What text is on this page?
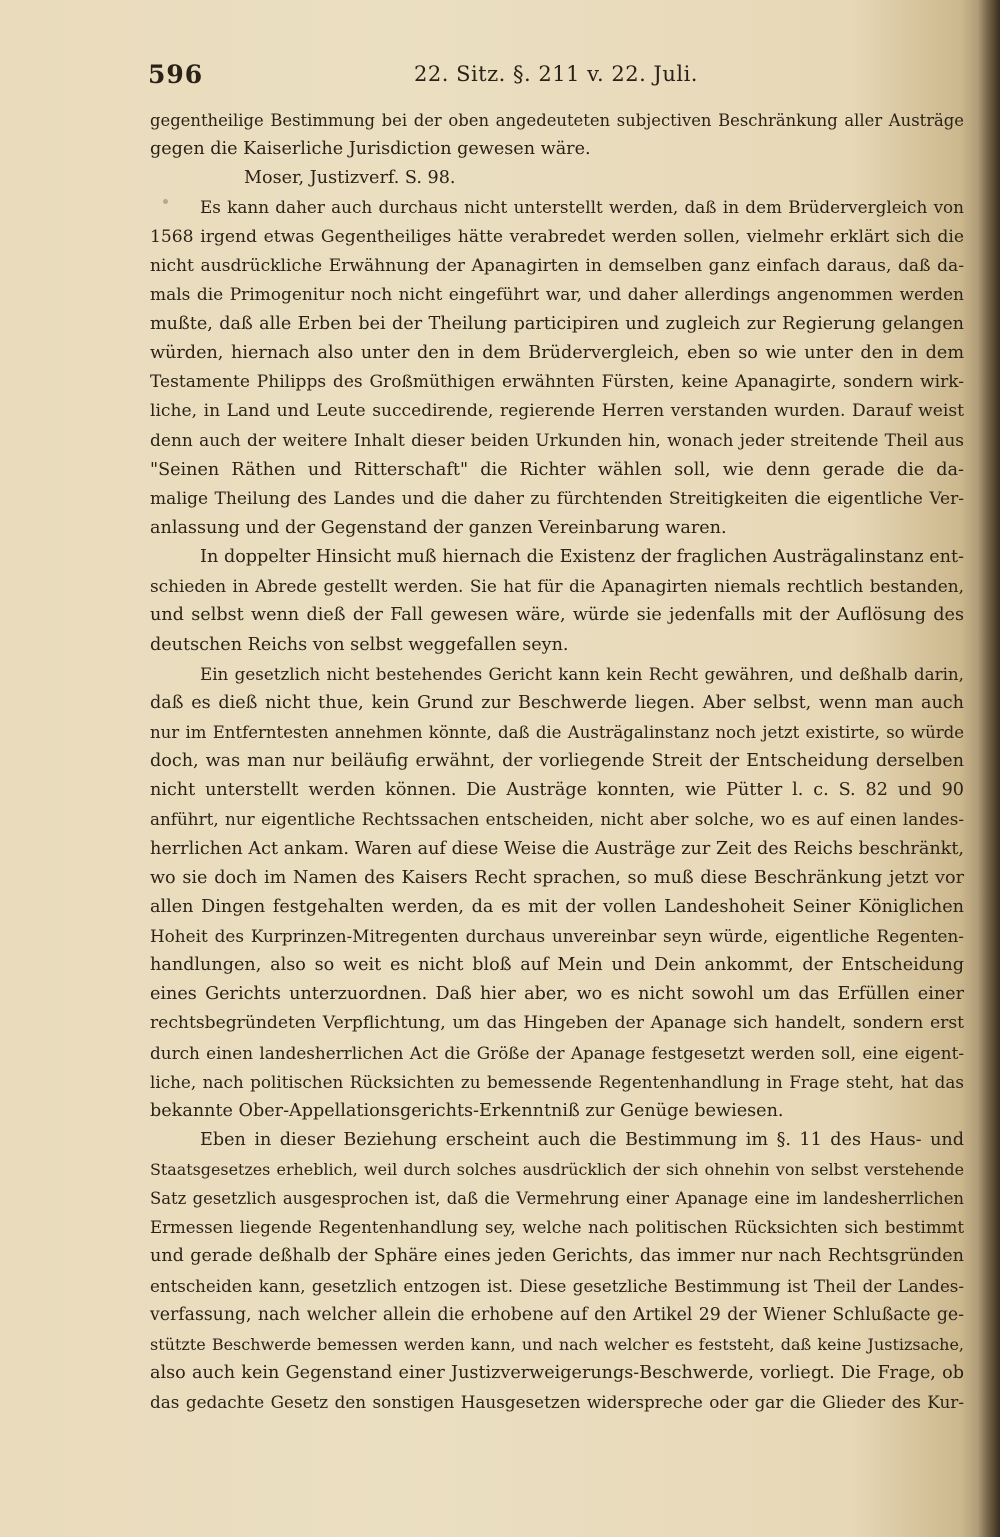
596	22. Sitz. §. 211 v. 22. Juli.
gegentheilige Bestimmung bei der oben angedeuteten subjectiven Beschränkung aller Austräge
gegen die Kaiserliche Jurisdiction gewesen wäre.
Moser, Justizverf. S. 98.
Es kann daher auch durchaus nicht unterstellt werden, daß in dem Brüdervergleich von
1568 irgend etwas Gegentheiliges hätte verabredet werden sollen, vielmehr erklärt sich die
nicht ausdrückliche Erwähnung der Apanagirten in demselben ganz einfach daraus, daß da-
mals die Primogenitur noch nicht eingeführt war, und daher allerdings angenommen werden
mußte, daß alle Erben bei der Theilung participiren und zugleich zur Regierung gelangen
würden, hiernach also unter den in dem Brüdervergleich, eben so wie unter den in dem
Testamente Philipps des Großmüthigen erwähnten Fürsten, keine Apanagirte, sondern wirk-
liche, in Land und Leute succedirende, regierende Herren verstanden wurden. Darauf weist
denn auch der weitere Inhalt dieser beiden Urkunden hin, wonach jeder streitende Theil aus
"Seinen Räthen und Ritterschaft" die Richter wählen soll, wie denn gerade die da-
malige Theilung des Landes und die daher zu fürchtenden Streitigkeiten die eigentliche Ver-
anlassung und der Gegenstand der ganzen Vereinbarung waren.
In doppelter Hinsicht muß hiernach die Existenz der fraglichen Austrägalinstanz ent-
schieden in Abrede gestellt werden. Sie hat für die Apanagirten niemals rechtlich bestanden,
und selbst wenn dieß der Fall gewesen wäre, würde sie jedenfalls mit der Auflösung des
deutschen Reichs von selbst weggefallen seyn.
Ein gesetzlich nicht bestehendes Gericht kann kein Recht gewähren, und deßhalb darin,
daß es dieß nicht thue, kein Grund zur Beschwerde liegen. Aber selbst, wenn man auch
nur im Entferntesten annehmen könnte, daß die Austrägalinstanz noch jetzt existirte, so würde
doch, was man nur beiläufig erwähnt, der vorliegende Streit der Entscheidung derselben
nicht unterstellt werden können. Die Austräge konnten, wie Pütter l. c. S. 82 und 90
anführt, nur eigentliche Rechtssachen entscheiden, nicht aber solche, wo es auf einen landes-
herrlichen Act ankam. Waren auf diese Weise die Austräge zur Zeit des Reichs beschränkt,
wo sie doch im Namen des Kaisers Recht sprachen, so muß diese Beschränkung jetzt vor
allen Dingen festgehalten werden, da es mit der vollen Landeshoheit Seiner Königlichen
Hoheit des Kurprinzen-Mitregenten durchaus unvereinbar seyn würde, eigentliche Regenten-
handlungen, also so weit es nicht bloß auf Mein und Dein ankommt, der Entscheidung
eines Gerichts unterzuordnen. Daß hier aber, wo es nicht sowohl um das Erfüllen einer
rechtsbegründeten Verpflichtung, um das Hingeben der Apanage sich handelt, sondern erst
durch einen landesherrlichen Act die Größe der Apanage festgesetzt werden soll, eine eigent-
liche, nach politischen Rücksichten zu bemessende Regentenhandlung in Frage steht, hat das
bekannte Ober-Appellationsgerichts-Erkenntniß zur Genüge bewiesen.
Eben in dieser Beziehung erscheint auch die Bestimmung im §. 11 des Haus- und
Staatsgesetzes erheblich, weil durch solches ausdrücklich der sich ohnehin von selbst verstehende
Satz gesetzlich ausgesprochen ist, daß die Vermehrung einer Apanage eine im landesherrlichen
Ermessen liegende Regentenhandlung sey, welche nach politischen Rücksichten sich bestimmt
und gerade deßhalb der Sphäre eines jeden Gerichts, das immer nur nach Rechtsgründen
entscheiden kann, gesetzlich entzogen ist. Diese gesetzliche Bestimmung ist Theil der Landes-
verfassung, nach welcher allein die erhobene auf den Artikel 29 der Wiener Schlußacte ge-
stützte Beschwerde bemessen werden kann, und nach welcher es feststeht, daß keine Justizsache,
also auch kein Gegenstand einer Justizverweigerungs-Beschwerde, vorliegt. Die Frage, ob
das gedachte Gesetz den sonstigen Hausgesetzen widerspreche oder gar die Glieder des Kur-
